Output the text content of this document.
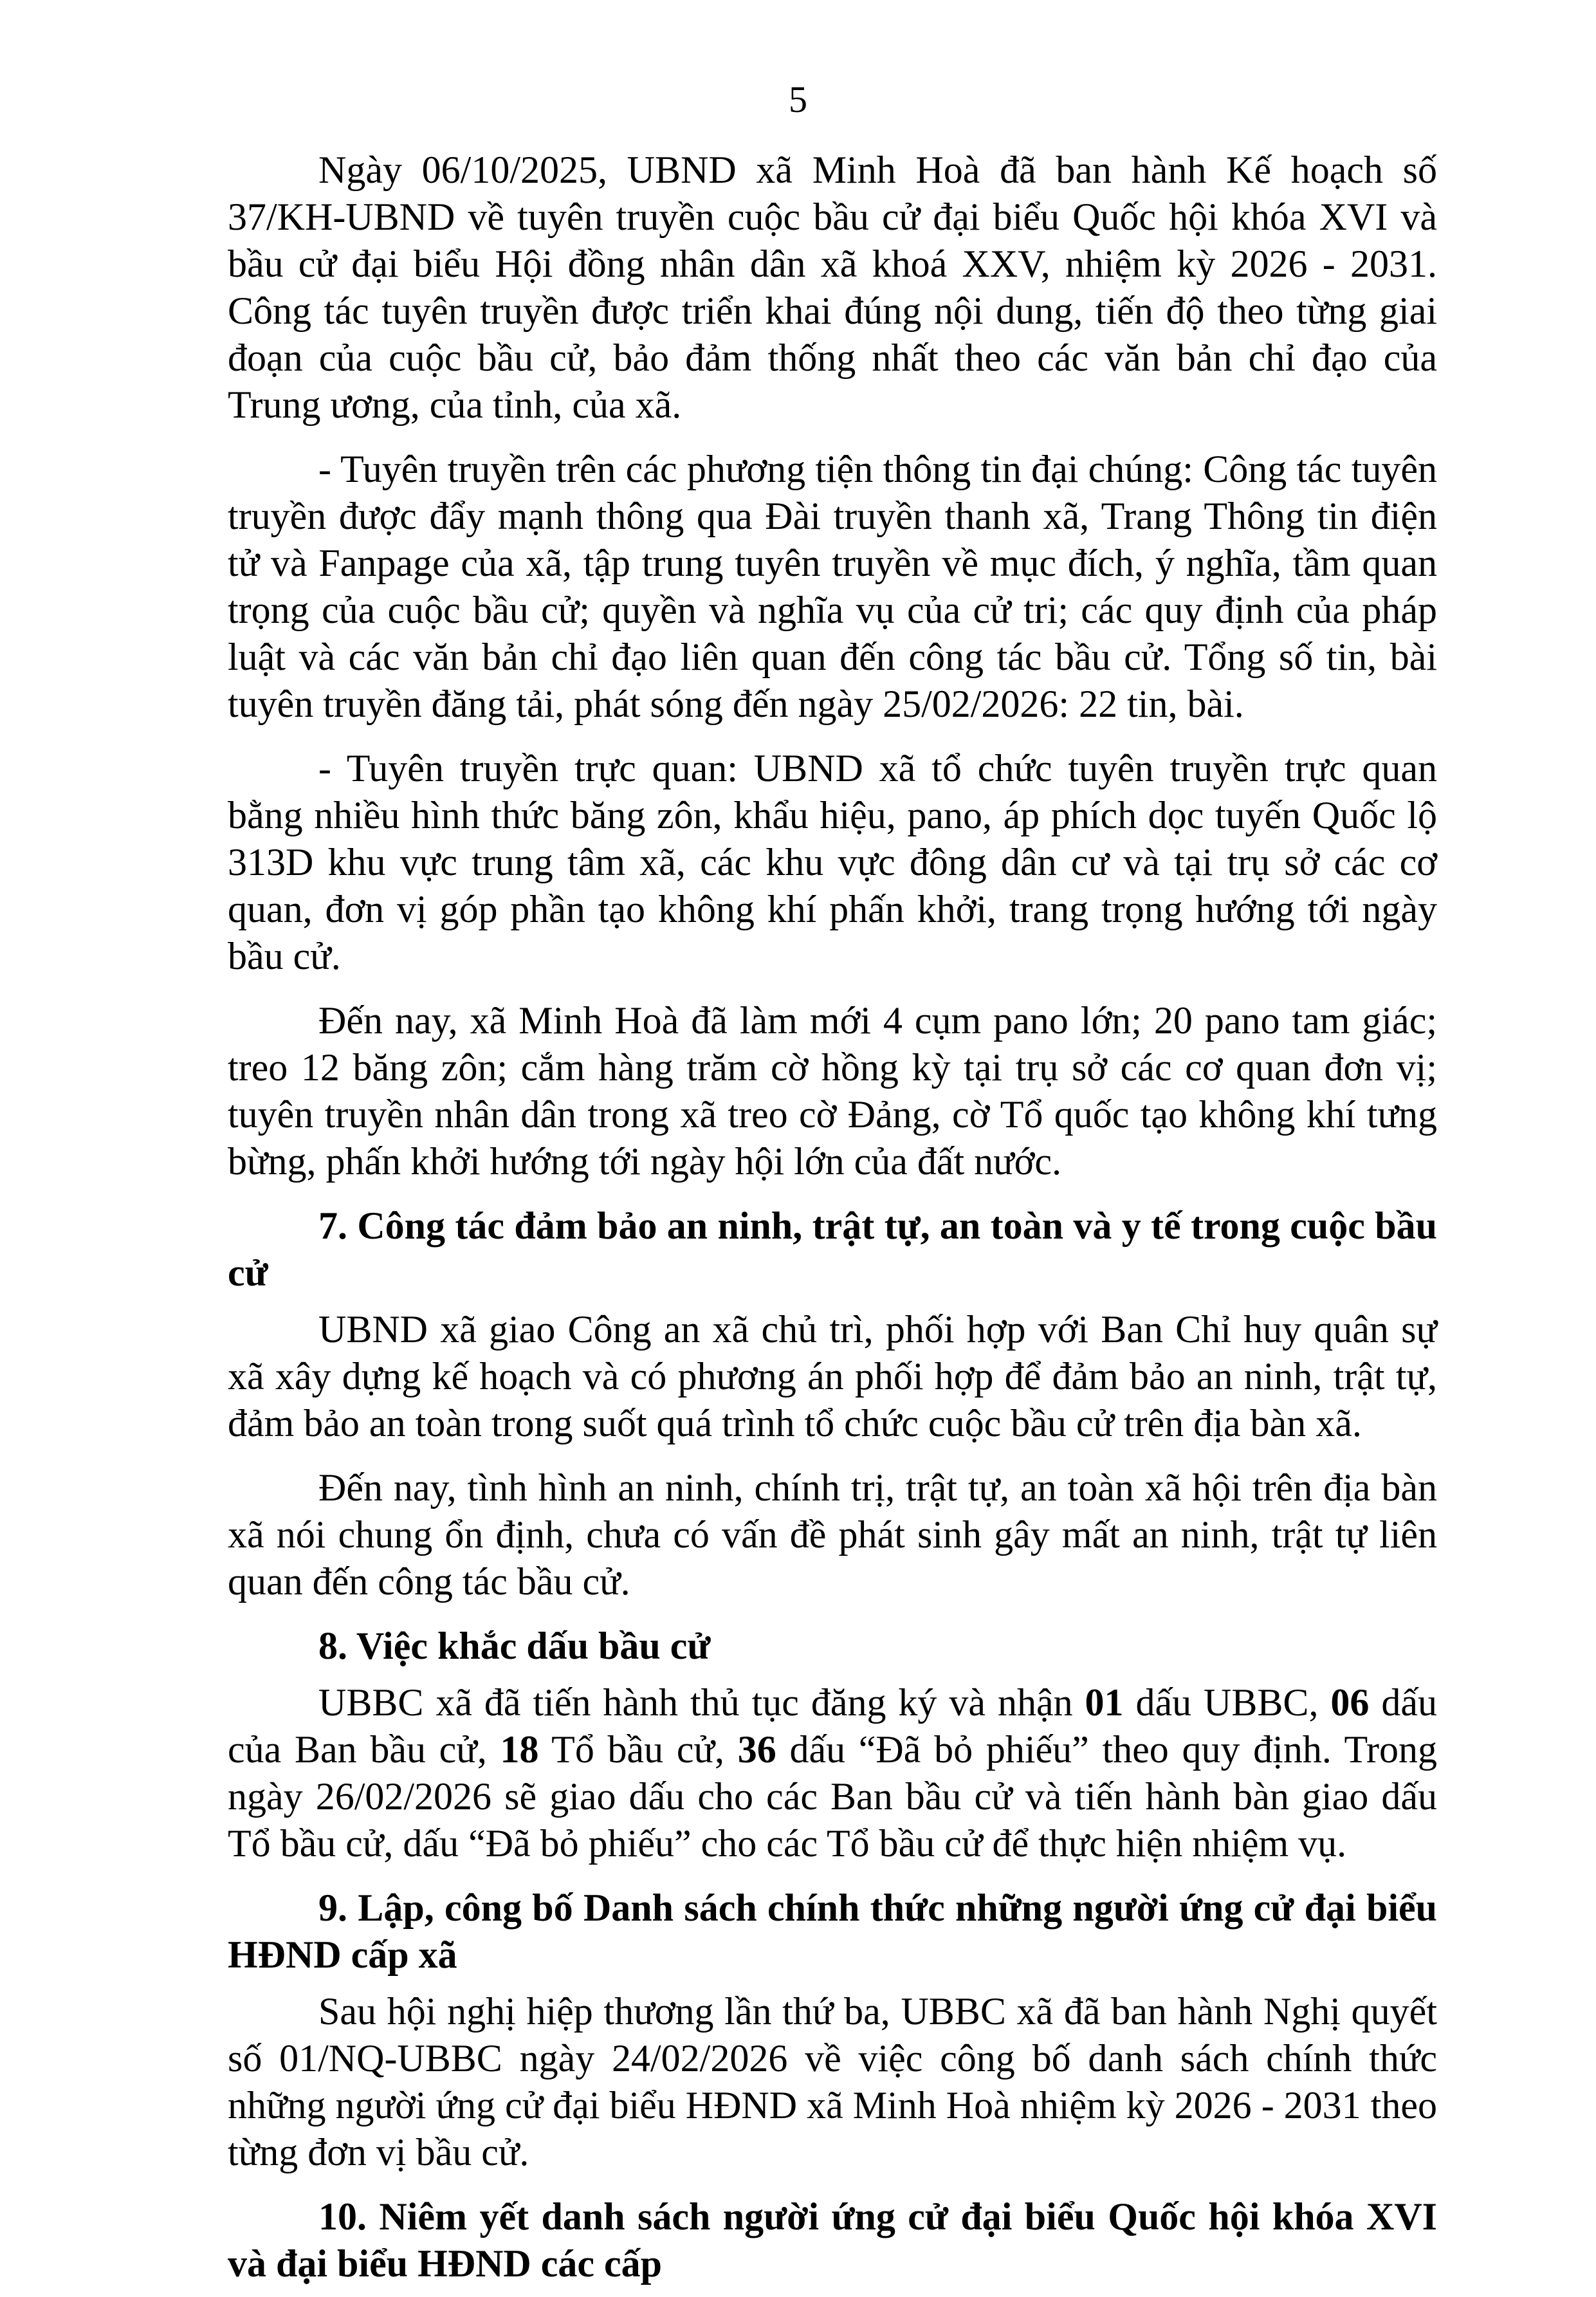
5

Ngày 06/10/2025, UBND xã Minh Hoà đã ban hành Kế hoạch số 37/KH-UBND về tuyên truyền cuộc bầu cử đại biểu Quốc hội khóa XVI và bầu cử đại biểu Hội đồng nhân dân xã khoá XXV, nhiệm kỳ 2026 - 2031. Công tác tuyên truyền được triển khai đúng nội dung, tiến độ theo từng giai đoạn của cuộc bầu cử, bảo đảm thống nhất theo các văn bản chỉ đạo của Trung ương, của tỉnh, của xã.

- Tuyên truyền trên các phương tiện thông tin đại chúng: Công tác tuyên truyền được đẩy mạnh thông qua Đài truyền thanh xã, Trang Thông tin điện tử và Fanpage của xã, tập trung tuyên truyền về mục đích, ý nghĩa, tầm quan trọng của cuộc bầu cử; quyền và nghĩa vụ của cử tri; các quy định của pháp luật và các văn bản chỉ đạo liên quan đến công tác bầu cử. Tổng số tin, bài tuyên truyền đăng tải, phát sóng đến ngày 25/02/2026: 22 tin, bài.

- Tuyên truyền trực quan: UBND xã tổ chức tuyên truyền trực quan bằng nhiều hình thức băng zôn, khẩu hiệu, pano, áp phích dọc tuyến Quốc lộ 313D khu vực trung tâm xã, các khu vực đông dân cư và tại trụ sở các cơ quan, đơn vị góp phần tạo không khí phấn khởi, trang trọng hướng tới ngày bầu cử.

Đến nay, xã Minh Hoà đã làm mới 4 cụm pano lớn; 20 pano tam giác; treo 12 băng zôn; cắm hàng trăm cờ hồng kỳ tại trụ sở các cơ quan đơn vị; tuyên truyền nhân dân trong xã treo cờ Đảng, cờ Tổ quốc tạo không khí tưng bừng, phấn khởi hướng tới ngày hội lớn của đất nước.

7. Công tác đảm bảo an ninh, trật tự, an toàn và y tế trong cuộc bầu cử

UBND xã giao Công an xã chủ trì, phối hợp với Ban Chỉ huy quân sự xã xây dựng kế hoạch và có phương án phối hợp để đảm bảo an ninh, trật tự, đảm bảo an toàn trong suốt quá trình tổ chức cuộc bầu cử trên địa bàn xã.

Đến nay, tình hình an ninh, chính trị, trật tự, an toàn xã hội trên địa bàn xã nói chung ổn định, chưa có vấn đề phát sinh gây mất an ninh, trật tự liên quan đến công tác bầu cử.

8. Việc khắc dấu bầu cử

UBBC xã đã tiến hành thủ tục đăng ký và nhận 01 dấu UBBC, 06 dấu của Ban bầu cử, 18 Tổ bầu cử, 36 dấu “Đã bỏ phiếu” theo quy định. Trong ngày 26/02/2026 sẽ giao dấu cho các Ban bầu cử và tiến hành bàn giao dấu Tổ bầu cử, dấu “Đã bỏ phiếu” cho các Tổ bầu cử để thực hiện nhiệm vụ.

9. Lập, công bố Danh sách chính thức những người ứng cử đại biểu HĐND cấp xã

Sau hội nghị hiệp thương lần thứ ba, UBBC xã đã ban hành Nghị quyết số 01/NQ-UBBC ngày 24/02/2026 về việc công bố danh sách chính thức những người ứng cử đại biểu HĐND xã Minh Hoà nhiệm kỳ 2026 - 2031 theo từng đơn vị bầu cử.

10. Niêm yết danh sách người ứng cử đại biểu Quốc hội khóa XVI và đại biểu HĐND các cấp
